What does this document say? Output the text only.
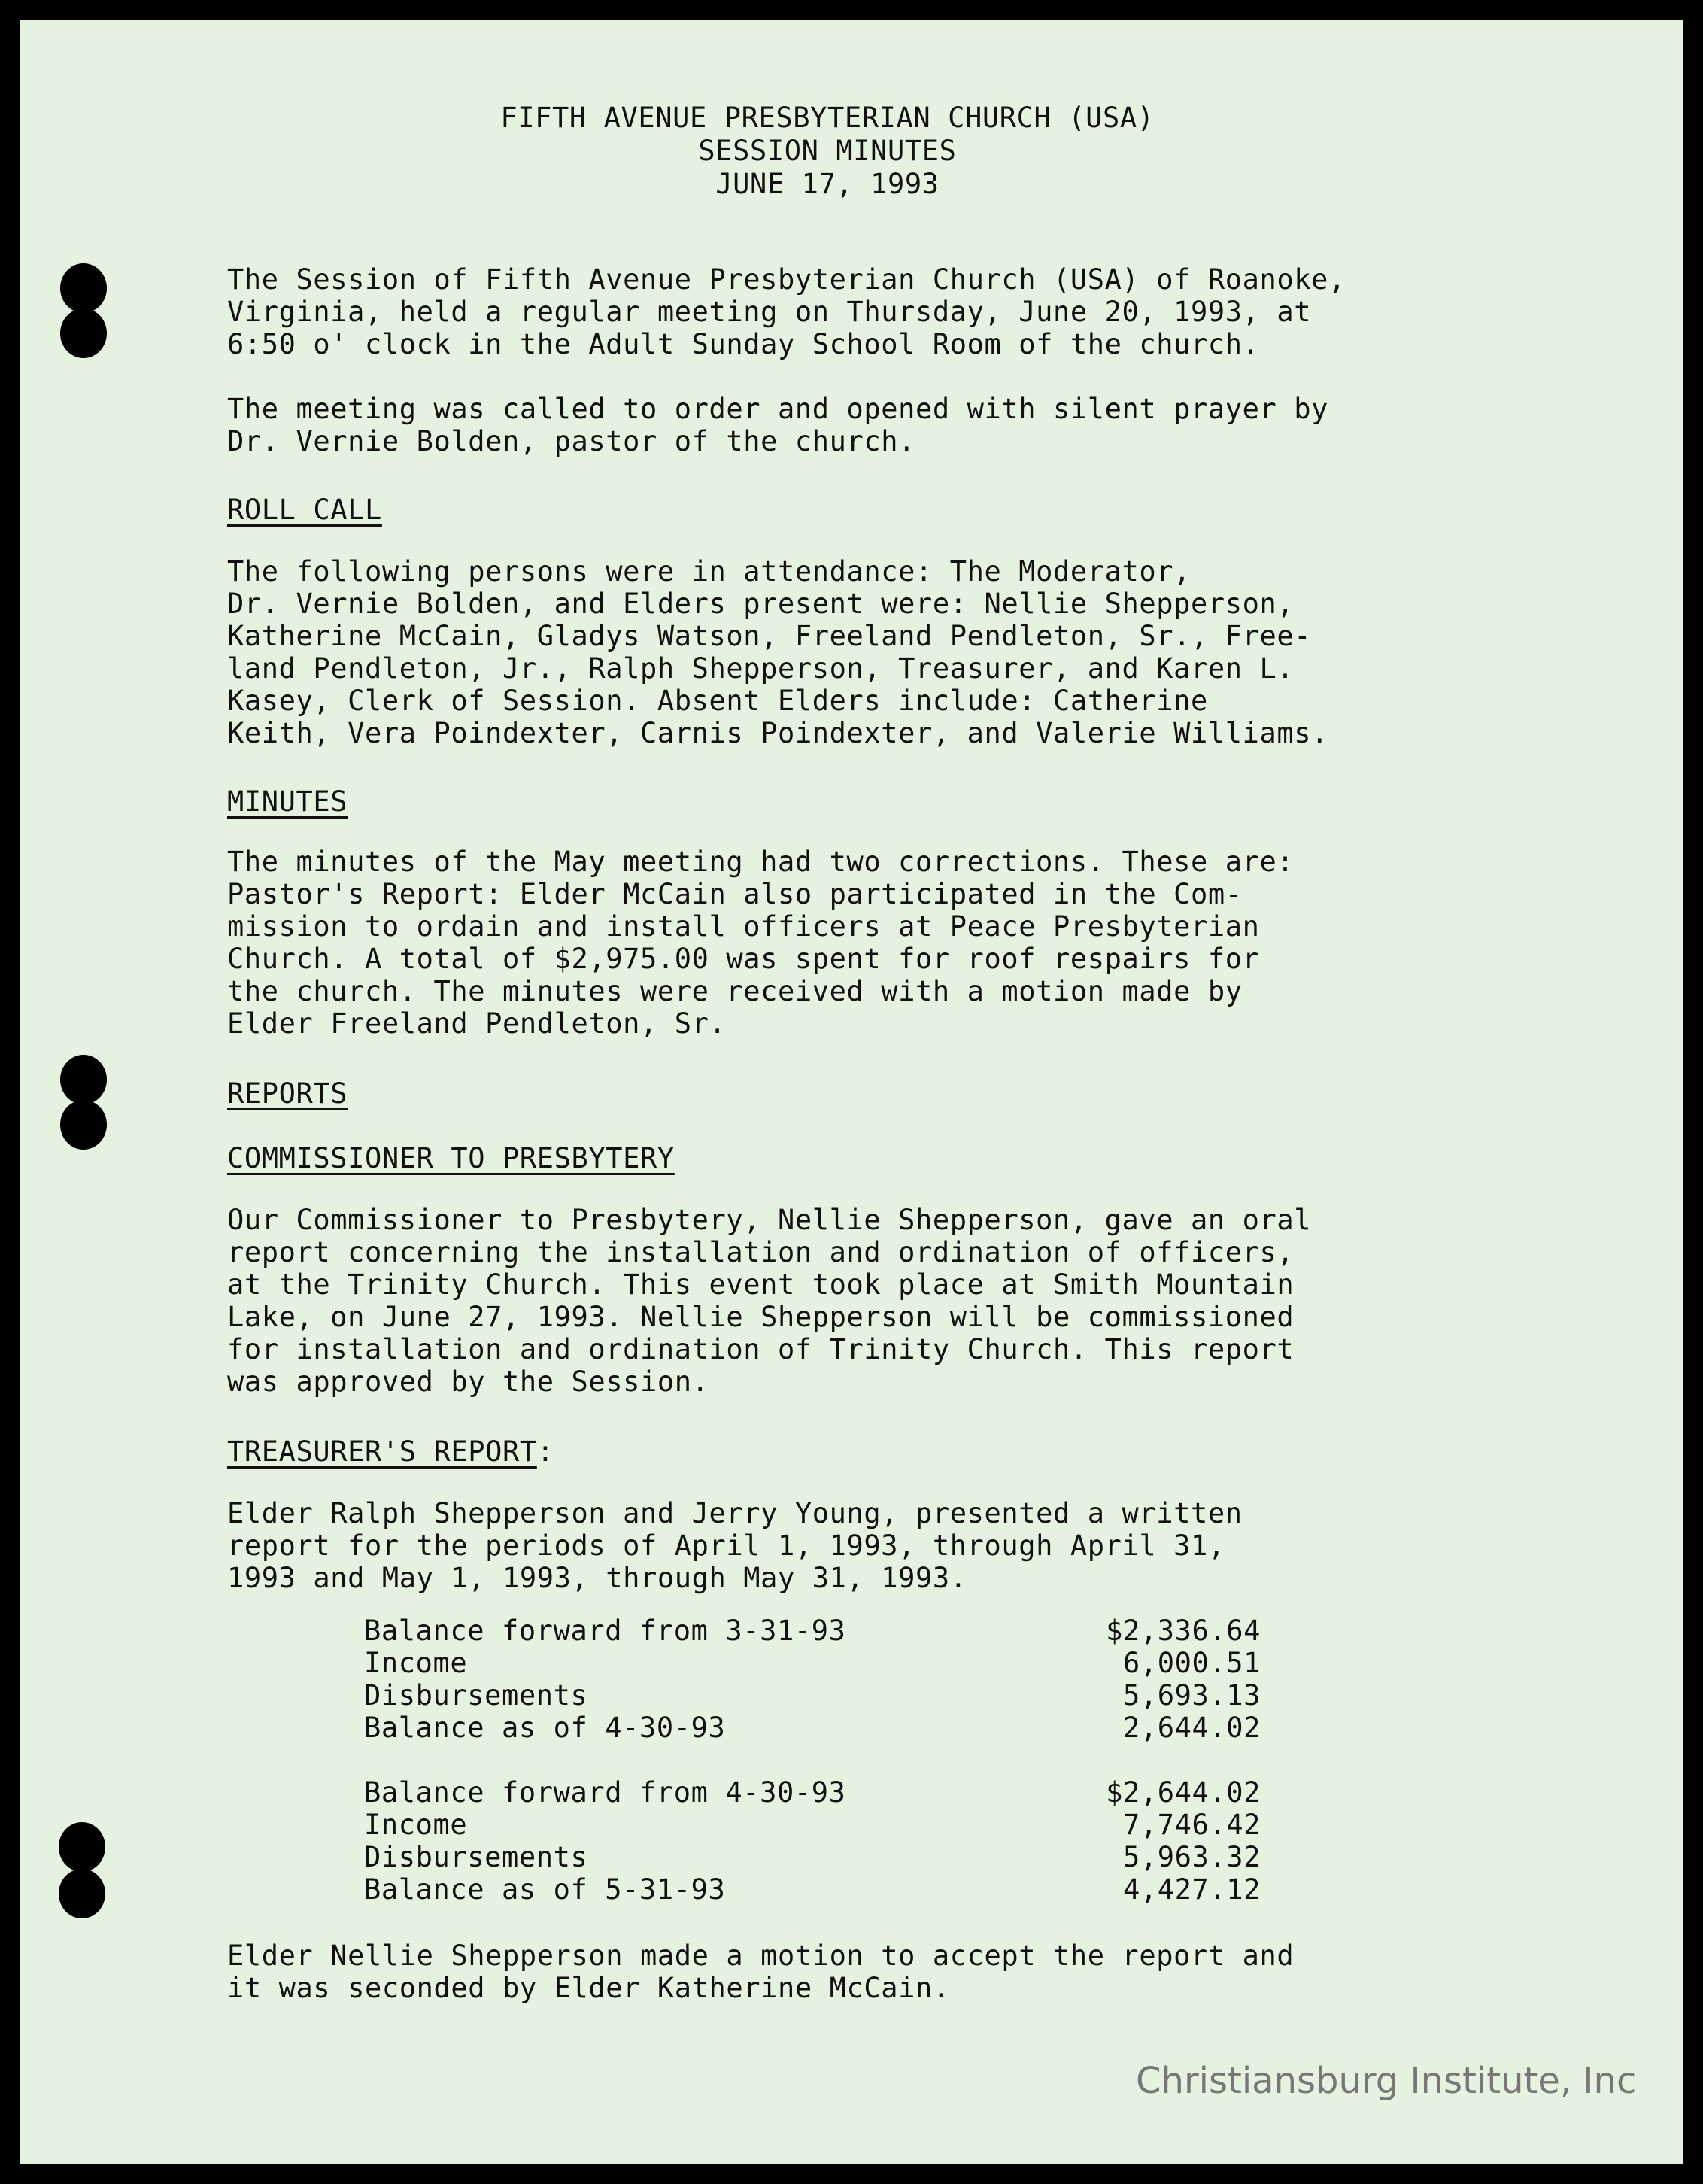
FIFTH AVENUE PRESBYTERIAN CHURCH (USA)
SESSION MINUTES
JUNE 17, 1993
The Session of Fifth Avenue Presbyterian Church (USA) of Roanoke,
Virginia, held a regular meeting on Thursday, June 20, 1993, at
6:50 o' clock in the Adult Sunday School Room of the church.
The meeting was called to order and opened with silent prayer by
Dr. Vernie Bolden, pastor of the church.
ROLL CALL
The following persons were in attendance: The Moderator,
Dr. Vernie Bolden, and Elders present were: Nellie Shepperson,
Katherine McCain, Gladys Watson, Freeland Pendleton, Sr., Free-
land Pendleton, Jr., Ralph Shepperson, Treasurer, and Karen L.
Kasey, Clerk of Session. Absent Elders include: Catherine
Keith, Vera Poindexter, Carnis Poindexter, and Valerie Williams.
MINUTES
The minutes of the May meeting had two corrections. These are:
Pastor's Report: Elder McCain also participated in the Com-
mission to ordain and install officers at Peace Presbyterian
Church. A total of $2,975.00 was spent for roof respairs for
the church. The minutes were received with a motion made by
Elder Freeland Pendleton, Sr.
REPORTS
COMMISSIONER TO PRESBYTERY
Our Commissioner to Presbytery, Nellie Shepperson, gave an oral
report concerning the installation and ordination of officers,
at the Trinity Church. This event took place at Smith Mountain
Lake, on June 27, 1993. Nellie Shepperson will be commissioned
for installation and ordination of Trinity Church. This report
was approved by the Session.
TREASURER'S REPORT:
Elder Ralph Shepperson and Jerry Young, presented a written
report for the periods of April 1, 1993, through April 31,
1993 and May 1, 1993, through May 31, 1993.
Balance forward from 3-31-93	$2,336.64
Income	6,000.51
Disbursements	5,693.13
Balance as of 4-30-93	2,644.02
Balance forward from 4-30-93	$2,644.02
Income	7,746.42
Disbursements	5,963.32
Balance as of 5-31-93	4,427.12
Elder Nellie Shepperson made a motion to accept the report and
it was seconded by Elder Katherine McCain.
Christiansburg Institute, Inc
